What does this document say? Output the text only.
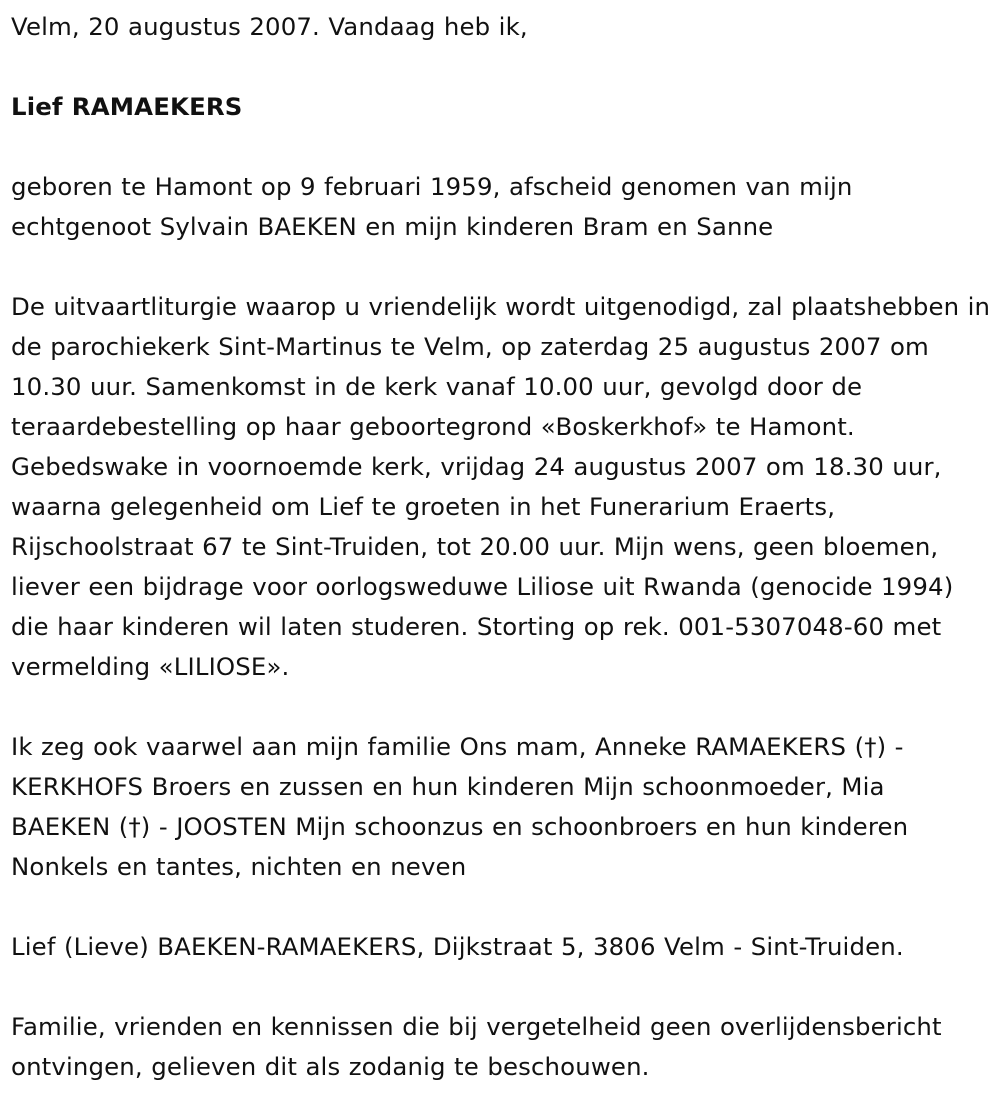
Velm, 20 augustus 2007. Vandaag heb ik,

Lief RAMAEKERS

geboren te Hamont op 9 februari 1959, afscheid genomen van mijn echtgenoot Sylvain BAEKEN en mijn kinderen Bram en Sanne

De uitvaartliturgie waarop u vriendelijk wordt uitgenodigd, zal plaatshebben in de parochiekerk Sint-Martinus te Velm, op zaterdag 25 augustus 2007 om 10.30 uur. Samenkomst in de kerk vanaf 10.00 uur, gevolgd door de teraardebestelling op haar geboortegrond «Boskerkhof» te Hamont. Gebedswake in voornoemde kerk, vrijdag 24 augustus 2007 om 18.30 uur, waarna gelegenheid om Lief te groeten in het Funerarium Eraerts, Rijschoolstraat 67 te Sint-Truiden, tot 20.00 uur. Mijn wens, geen bloemen, liever een bijdrage voor oorlogsweduwe Liliose uit Rwanda (genocide 1994) die haar kinderen wil laten studeren. Storting op rek. 001-5307048-60 met vermelding «LILIOSE».

Ik zeg ook vaarwel aan mijn familie Ons mam, Anneke RAMAEKERS (†) - KERKHOFS Broers en zussen en hun kinderen Mijn schoonmoeder, Mia BAEKEN (†) - JOOSTEN Mijn schoonzus en schoonbroers en hun kinderen Nonkels en tantes, nichten en neven

Lief (Lieve) BAEKEN-RAMAEKERS, Dijkstraat 5, 3806 Velm - Sint-Truiden.

Familie, vrienden en kennissen die bij vergetelheid geen overlijdensbericht ontvingen, gelieven dit als zodanig te beschouwen.
